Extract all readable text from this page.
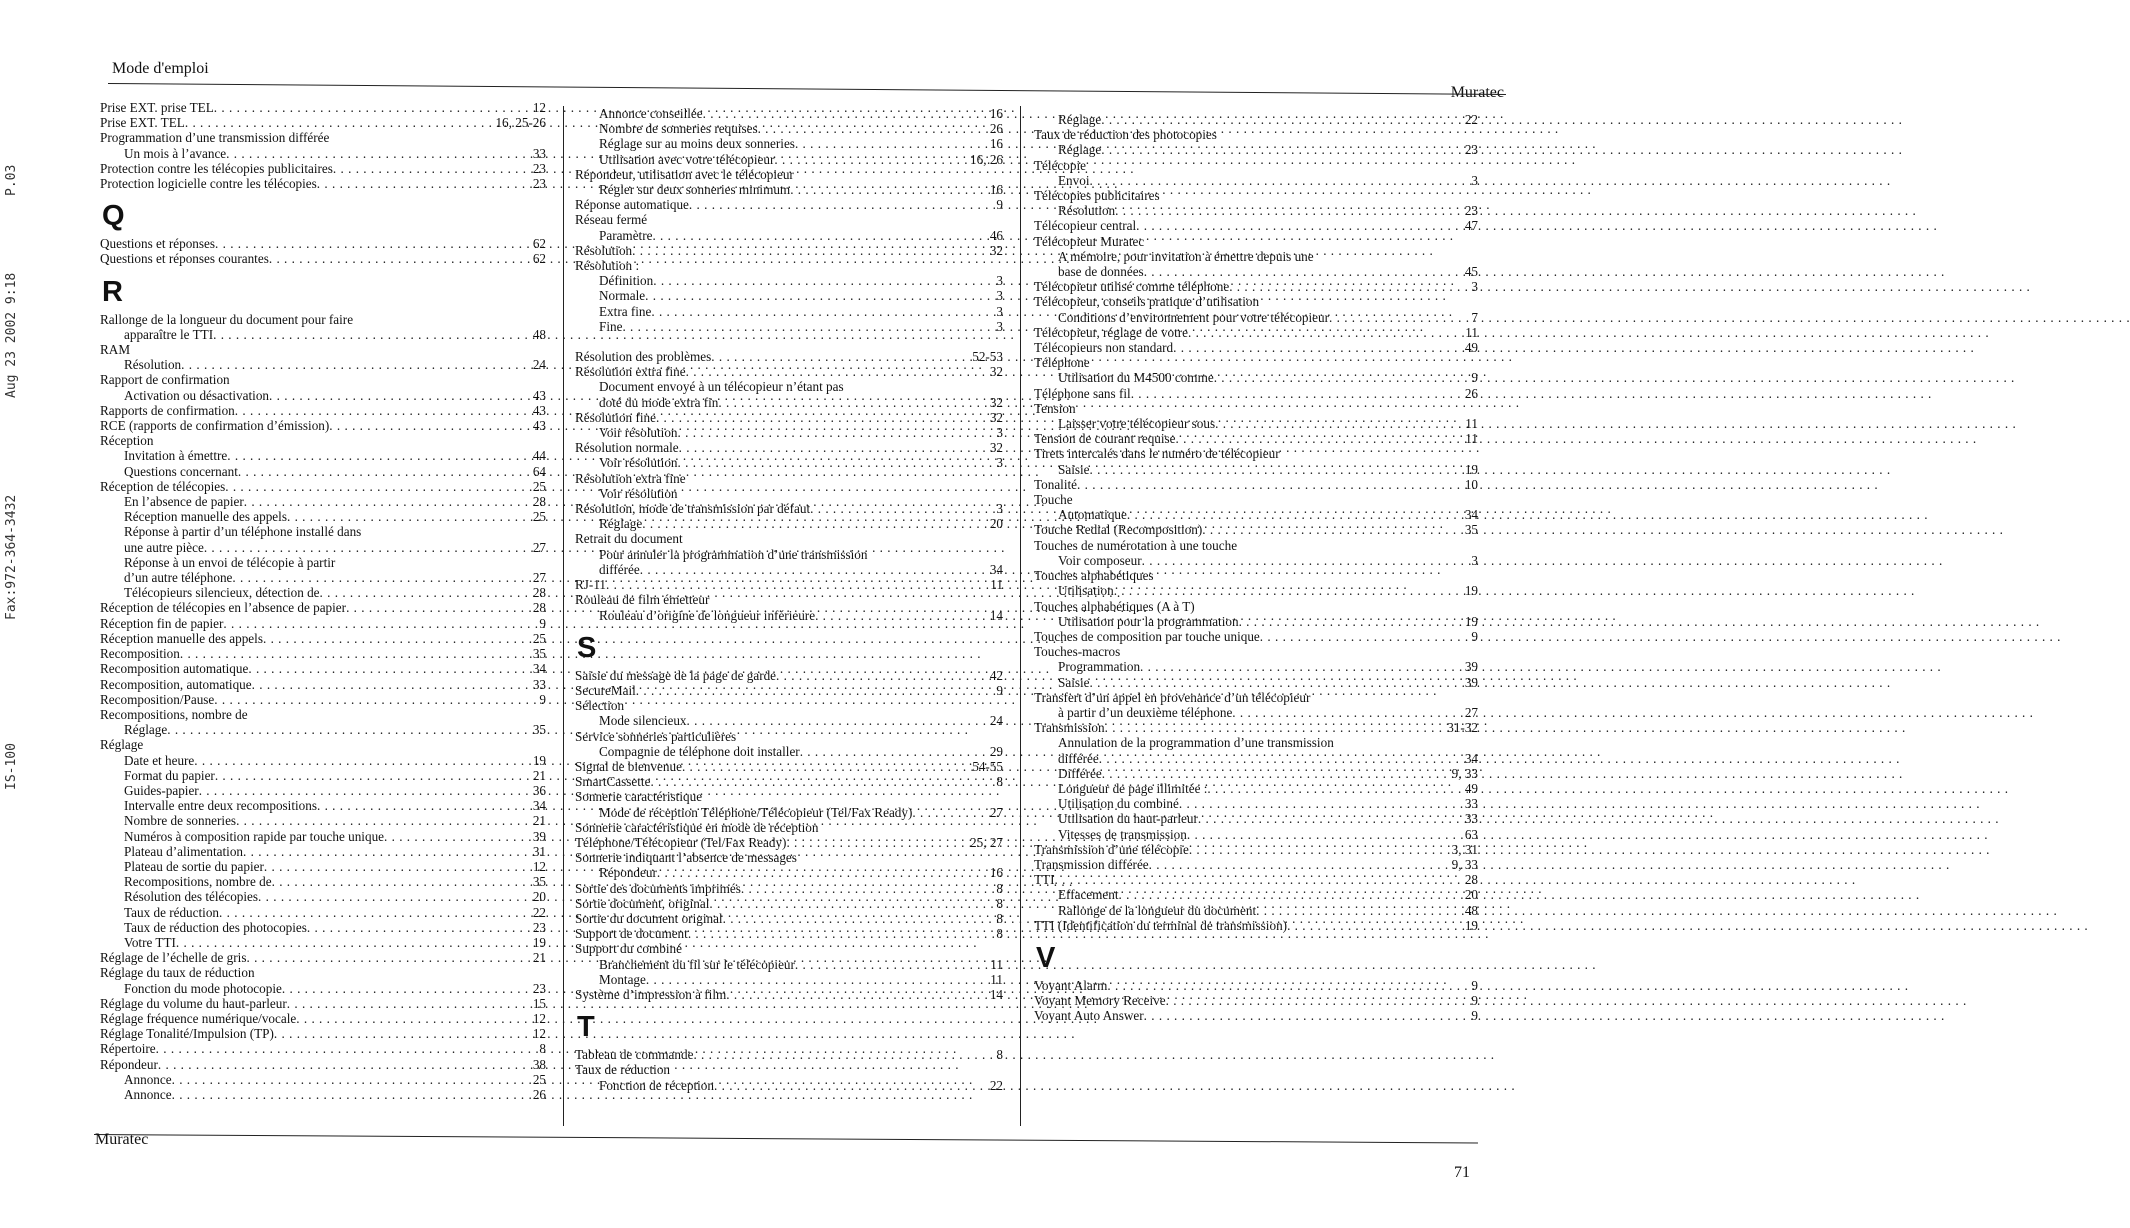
P.03
Aug 23 2002 9:18
Fax:972-364-3432
IS-100
Mode d'emploi
Muratec
Prise EXT. prise TEL . . .	12
Prise EXT. TEL . . .	16, 25-26
Programmation d’une transmission différée
Un mois à l’avance . . .	33
Protection contre les télécopies publicitaires . . .	23
Protection logicielle contre les télécopies . . .	23
Q
Questions et réponses . . .	62
Questions et réponses courantes . . .	62
R
Rallonge de la longueur du document pour faire
apparaître le TTI . . .	48
RAM
Résolution . . .	24
Rapport de confirmation
Activation ou désactivation . . .	43
Rapports de confirmation . . .	43
RCE (rapports de confirmation d’émission) . . .	43
Réception
Invitation à émettre . . .	44
Questions concernant . . .	64
Réception de télécopies . . .	25
En l’absence de papier . . .	28
Réception manuelle des appels . . .	25
Réponse à partir d’un téléphone installé dans
une autre pièce . . .	27
Réponse à un envoi de télécopie à partir
d’un autre téléphone . . .	27
Télécopieurs silencieux, détection de . . .	28
Réception de télécopies en l’absence de papier . . .	28
Réception fin de papier . . .	9
Réception manuelle des appels . . .	25
Recomposition . . .	35
Recomposition automatique . . .	34
Recomposition, automatique . . .	33
Recomposition/Pause . . .	9
Recompositions, nombre de
Réglage . . .	35
Réglage
Date et heure . . .	19
Format du papier . . .	21
Guides-papier . . .	36
Intervalle entre deux recompositions . . .	34
Nombre de sonneries . . .	21
Numéros à composition rapide par touche unique . . .	39
Plateau d’alimentation . . .	31
Plateau de sortie du papier . . .	12
Recompositions, nombre de . . .	35
Résolution des télécopies . . .	20
Taux de réduction . . .	22
Taux de réduction des photocopies . . .	23
Votre TTI . . .	19
Réglage de l’échelle de gris . . .	21
Réglage du taux de réduction
Fonction du mode photocopie . . .	23
Réglage du volume du haut-parleur . . .	15
Réglage fréquence numérique/vocale . . .	12
Réglage Tonalité/Impulsion (TP) . . .	12
Répertoire . . .	8
Répondeur . . .	38
Annonce . . .	25
Annonce . . .	26
Annonce conseillée . . .	16
Nombre de sonneries requises . . .	26
Réglage sur au moins deux sonneries . . .	16
Utilisation avec votre télécopieur . . .	16, 26
Répondeur, utilisation avec le télécopieur
Régler sur deux sonneries minimum . . .	16
Réponse automatique . . .	9
Réseau fermé
Paramètre . . .	46
Résolution . . .	32
Résolution :
Définition . . .	3
Normale . . .	3
Extra fine . . .	3
Fine . . .	3
Résolution des problèmes . . .	52-53
Résolution extra fine . . .	32
Document envoyé à un télécopieur n’étant pas
doté du mode extra fin . . .	32
Résolution fine . . .	32
Voir résolution . . .	3
Résolution normale . . .	32
Voir résolution . . .	3
Résolution extra fine
Voir résolution
Résolution, mode de transmission par défaut . . .	3
Réglage . . .	20
Retrait du document
Pour annuler la programmation d’une transmission
différée . . .	34
RJ-11 . . .	11
Rouleau de film émetteur
Rouleau d’origine de longueur inférieure . . .	14
S
Saisie du message de la page de garde . . .	42
SecureMail . . .	9
Sélection
Mode silencieux . . .	24
Service sonneries particulières
Compagnie de téléphone doit installer . . .	29
Signal de bienvenue . . .	54-55
SmartCassette . . .	8
Sonnerie caractéristique
Mode de réception Téléphone/Télécopieur (Tel/Fax Ready) . . .	27
Sonnerie caractéristique en mode de réception
Téléphone/Télécopieur (Tel/Fax Ready) . . .	25, 27
Sonnerie indiquant l’absence de messages
Répondeur . . .	16
Sortie des documents imprimés . . .	8
Sortie document, original . . .	8
Sortie du document original . . .	8
Support de document . . .	8
Support du combiné
Branchement du fil sur le télécopieur . . .	11
Montage . . .	11
Système d’impression à film . . .	14
T
Tableau de commande . . .	8
Taux de réduction
Fonction de réception . . .	22
Réglage . . .	22
Taux de réduction des photocopies
Réglage . . .	23
Télécopie
Envoi . . .	3
Télécopies publicitaires
Résolution . . .	23
Télécopieur central . . .	47
Télécopieur Muratec
A mémoire, pour invitation à émettre depuis une
base de données . . .	45
Télécopieur utilisé comme téléphone . . .	3
Télécopieur, conseils pratique d’utilisation
Conditions d’environnement pour votre télécopieur . . .	7
Télécopieur, réglage de votre . . .	11
Télécopieurs non standard . . .	49
Téléphone
Utilisation du M4500 comme . . .	9
Téléphone sans fil . . .	26
Tension
Laisser votre télécopieur sous . . .	11
Tension de courant requise . . .	11
Tirets intercalés dans le numéro de télécopieur
Saisie . . .	19
Tonalité . . .	10
Touche
Automatique . . .	34
Touche Redial (Recomposition) . . .	35
Touches de numérotation à une touche
Voir composeur . . .	3
Touches alphabétiques
Utilisation . . .	19
Touches alphabétiques (A à T)
Utilisation pour la programmation . . .	19
Touches de composition par touche unique . . .	9
Touches-macros
Programmation . . .	39
Saisie . . .	39
Transfert d’un appel en provenance d’un télécopieur
à partir d’un deuxième téléphone . . .	27
Transmission . . .	31-32
Annulation de la programmation d’une transmission
différée . . .	34
Différée . . .	9, 33
Longueur de page illimitée : . . .	49
Utilisation du combiné . . .	33
Utilisation du haut-parleur . . .	33
Vitesses de transmission . . .	63
Transmission d’une télécopie . . .	3, 31
Transmission différée . . .	9, 33
TTI . . .	28
Effacement . . .	20
Rallonge de la longueur du document . . .	48
TTI (Identification du terminal de transmission) . . .	19
V
Voyant Alarm . . .	9
Voyant Memory Receive . . .	9
Voyant Auto Answer . . .	9
Muratec
71
